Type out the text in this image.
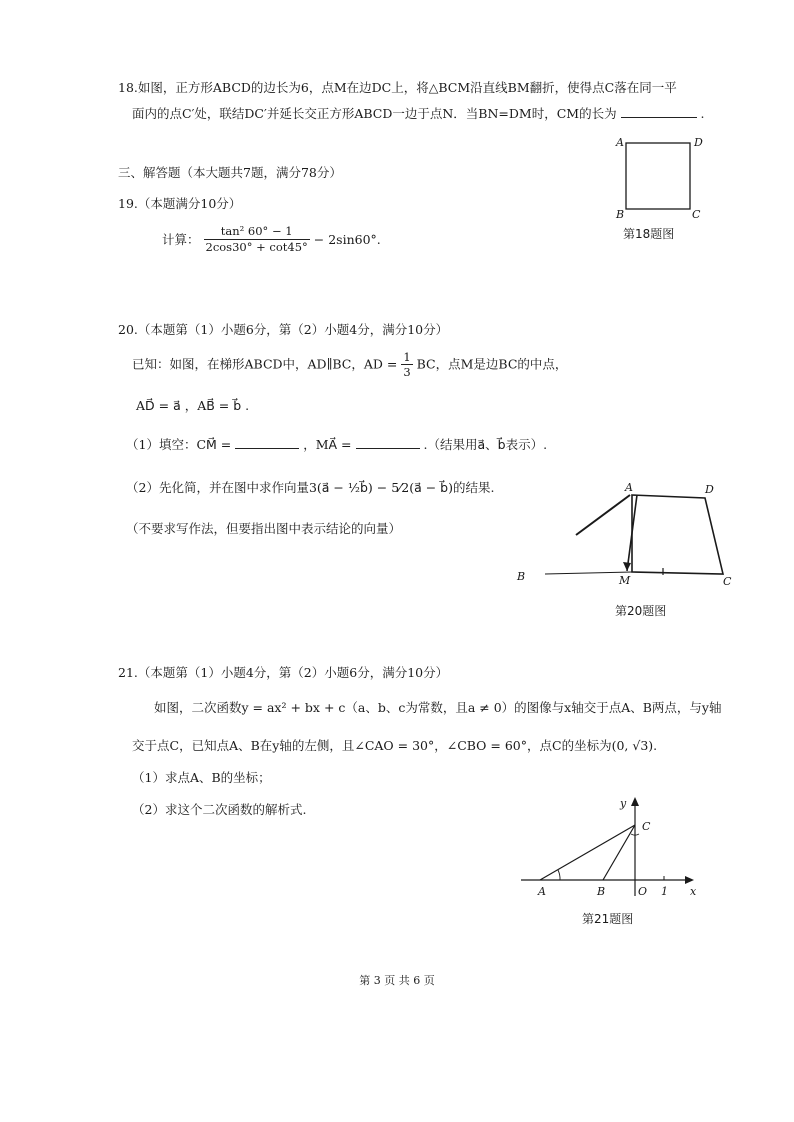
18.如图，正方形ABCD的边长为6，点M在边DC上，将△BCM沿直线BM翻折，使得点C落在同一平
面内的点C′处，联结DC′并延长交正方形ABCD一边于点N．当BN=DM时，CM的长为	.
A	D
B	C
第18题图
三、解答题（本大题共7题，满分78分）
19.（本题满分10分）
计算： $\frac{\text{tan² 60° − 1}}{2\cos 30^\circ + \cot 45^\circ} - 2\sin 60^\circ$.
20.（本题第（1）小题6分，第（2）小题4分，满分10分）
已知：如图，在梯形ABCD中，AD∥BC，AD = $\frac{1}{3}$ BC，点M是边BC的中点，
AD⃗ = a⃗ ，AB⃗ = b⃗ .
（1）填空：CM⃗ =	，MA⃗ =	.（结果用a⃗、b⃗表示）.
（2）先化简，并在图中求作向量3(a⃗ − ½b⃗) − 5⁄2(a⃗ − b⃗)的结果.
（不要求写作法，但要指出图中表示结论的向量）
A	D
B	M	C
第20题图
21.（本题第（1）小题4分，第（2）小题6分，满分10分）
如图，二次函数y = ax² + bx + c（a、b、c为常数，且a ≠ 0）的图像与x轴交于点A、B两点，与y轴
交于点C，已知点A、B在y轴的左侧，且∠CAO = 30°，∠CBO = 60°，点C的坐标为(0, √3).
（1）求点A、B的坐标；
（2）求这个二次函数的解析式.	y
C
A	B	O 1 x
第21题图
第 3 页 共 6 页
